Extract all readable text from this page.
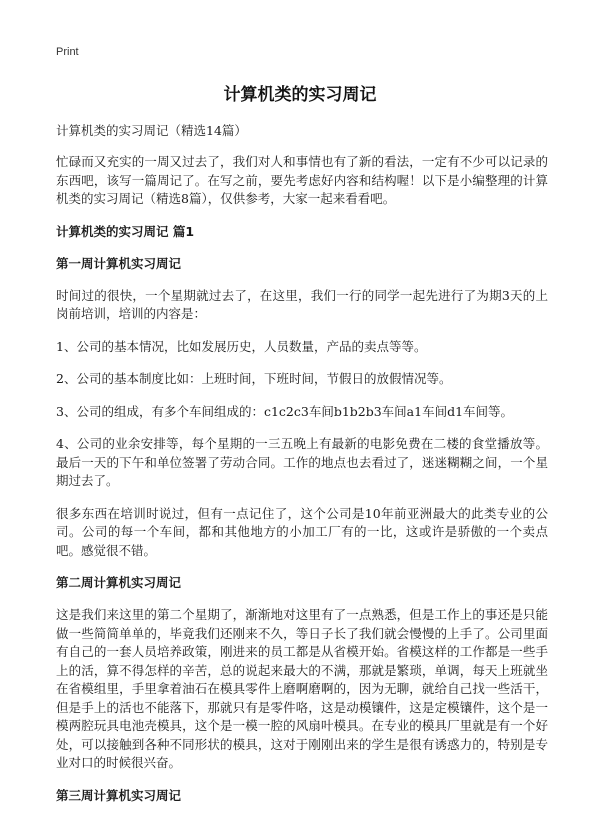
Print
计算机类的实习周记
计算机类的实习周记（精选14篇）

忙碌而又充实的一周又过去了，我们对人和事情也有了新的看法，一定有不少可以记录的东西吧，该写一篇周记了。在写之前，要先考虑好内容和结构喔！以下是小编整理的计算机类的实习周记（精选8篇），仅供参考，大家一起来看看吧。

计算机类的实习周记 篇1
第一周计算机实习周记

时间过的很快，一个星期就过去了，在这里，我们一行的同学一起先进行了为期3天的上岗前培训，培训的内容是：

1、公司的基本情况，比如发展历史，人员数量，产品的卖点等等。

2、公司的基本制度比如：上班时间，下班时间，节假日的放假情况等。

3、公司的组成，有多个车间组成的：c1c2c3车间b1b2b3车间a1车间d1车间等。

4、公司的业余安排等，每个星期的一三五晚上有最新的电影免费在二楼的食堂播放等。最后一天的下午和单位签署了劳动合同。工作的地点也去看过了，迷迷糊糊之间，一个星期过去了。

很多东西在培训时说过，但有一点记住了，这个公司是10年前亚洲最大的此类专业的公司。公司的每一个车间，都和其他地方的小加工厂有的一比，这或许是骄傲的一个卖点吧。感觉很不错。

第二周计算机实习周记

这是我们来这里的第二个星期了，渐渐地对这里有了一点熟悉，但是工作上的事还是只能做一些简简单单的，毕竟我们还刚来不久，等日子长了我们就会慢慢的上手了。公司里面有自己的一套人员培养政策，刚进来的员工都是从省模开始。省模这样的工作都是一些手上的活，算不得怎样的辛苦，总的说起来最大的不满，那就是繁琐，单调，每天上班就坐在省模组里，手里拿着油石在模具零件上磨啊磨啊的，因为无聊，就给自己找一些活干，但是手上的活也不能落下，那就只有是零件咯，这是动模镶件，这是定模镶件，这个是一模两腔玩具电池壳模具，这个是一模一腔的风扇叶模具。在专业的模具厂里就是有一个好处，可以接触到各种不同形状的模具，这对于刚刚出来的学生是很有诱惑力的，特别是专业对口的时候很兴奋。

第三周计算机实习周记
